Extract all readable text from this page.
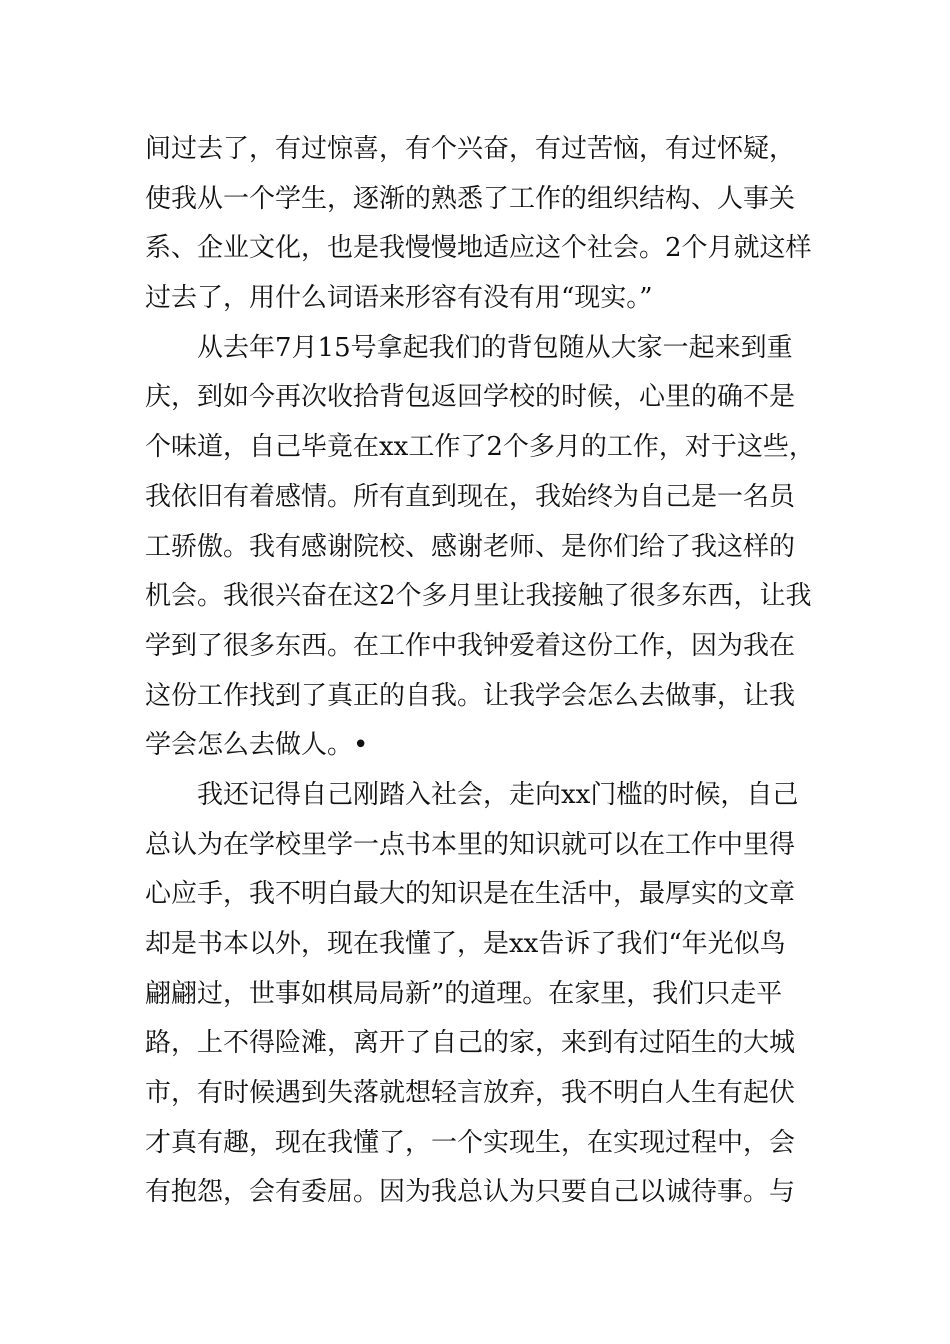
间过去了，有过惊喜，有个兴奋，有过苦恼，有过怀疑，
使我从一个学生，逐渐的熟悉了工作的组织结构、人事关
系、企业文化，也是我慢慢地适应这个社会。2个月就这样
过去了，用什么词语来形容有没有用“现实。”
　　从去年7月15号拿起我们的背包随从大家一起来到重
庆，到如今再次收拾背包返回学校的时候，心里的确不是
个味道，自己毕竟在xx工作了2个多月的工作，对于这些，
我依旧有着感情。所有直到现在，我始终为自己是一名员
工骄傲。我有感谢院校、感谢老师、是你们给了我这样的
机会。我很兴奋在这2个多月里让我接触了很多东西，让我
学到了很多东西。在工作中我钟爱着这份工作，因为我在
这份工作找到了真正的自我。让我学会怎么去做事，让我
学会怎么去做人。•
　　我还记得自己刚踏入社会，走向xx门槛的时候，自己
总认为在学校里学一点书本里的知识就可以在工作中里得
心应手，我不明白最大的知识是在生活中，最厚实的文章
却是书本以外，现在我懂了，是xx告诉了我们“年光似鸟
翩翩过，世事如棋局局新”的道理。在家里，我们只走平
路，上不得险滩，离开了自己的家，来到有过陌生的大城
市，有时候遇到失落就想轻言放弃，我不明白人生有起伏
才真有趣，现在我懂了，一个实现生，在实现过程中，会
有抱怨，会有委屈。因为我总认为只要自己以诚待事。与
